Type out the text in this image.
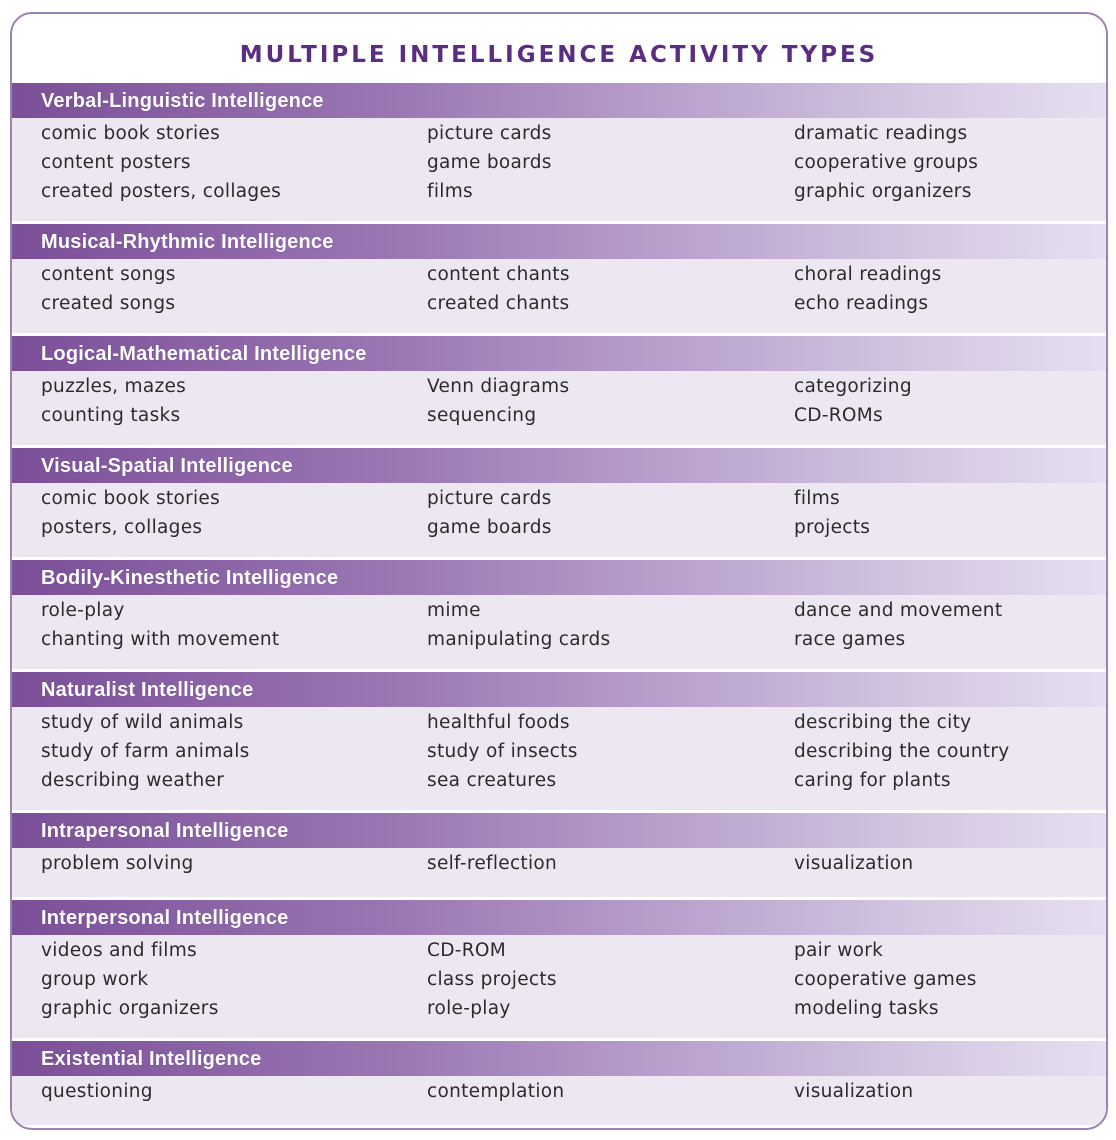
MULTIPLE INTELLIGENCE ACTIVITY TYPES
Verbal-Linguistic Intelligence
comic book stories	picture cards	dramatic readings
content posters	game boards	cooperative groups
created posters, collages	films	graphic organizers
Musical-Rhythmic Intelligence
content songs	content chants	choral readings
created songs	created chants	echo readings
Logical-Mathematical Intelligence
puzzles, mazes	Venn diagrams	categorizing
counting tasks	sequencing	CD-ROMs
Visual-Spatial Intelligence
comic book stories	picture cards	films
posters, collages	game boards	projects
Bodily-Kinesthetic Intelligence
role-play	mime	dance and movement
chanting with movement	manipulating cards	race games
Naturalist Intelligence
study of wild animals	healthful foods	describing the city
study of farm animals	study of insects	describing the country
describing weather	sea creatures	caring for plants
Intrapersonal Intelligence
problem solving	self-reflection	visualization
Interpersonal Intelligence
videos and films	CD-ROM	pair work
group work	class projects	cooperative games
graphic organizers	role-play	modeling tasks
Existential Intelligence
questioning	contemplation	visualization
